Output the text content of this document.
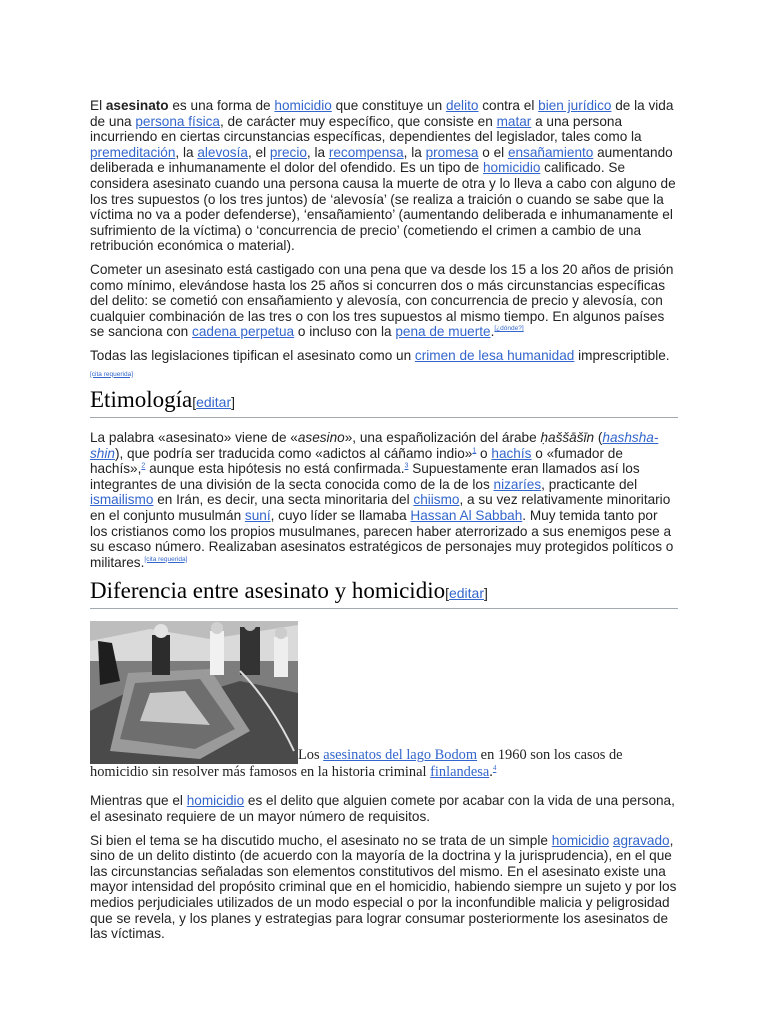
El asesinato es una forma de homicidio que constituye un delito contra el bien jurídico de la vida de una persona física, de carácter muy específico, que consiste en matar a una persona incurriendo en ciertas circunstancias específicas, dependientes del legislador, tales como la premeditación, la alevosía, el precio, la recompensa, la promesa o el ensañamiento aumentando deliberada e inhumanamente el dolor del ofendido. Es un tipo de homicidio calificado. Se considera asesinato cuando una persona causa la muerte de otra y lo lleva a cabo con alguno de los tres supuestos (o los tres juntos) de ‘alevosía’ (se realiza a traición o cuando se sabe que la víctima no va a poder defenderse), ‘ensañamiento’ (aumentando deliberada e inhumanamente el sufrimiento de la víctima) o ‘concurrencia de precio’ (cometiendo el crimen a cambio de una retribución económica o material).

Cometer un asesinato está castigado con una pena que va desde los 15 a los 20 años de prisión como mínimo, elevándose hasta los 25 años si concurren dos o más circunstancias específicas del delito: se cometió con ensañamiento y alevosía, con concurrencia de precio y alevosía, con cualquier combinación de las tres o con los tres supuestos al mismo tiempo. En algunos países se sanciona con cadena perpetua o incluso con la pena de muerte.[¿dónde?]

Todas las legislaciones tipifican el asesinato como un crimen de lesa humanidad imprescriptible.
[cita requerida]

Etimología[editar]

La palabra «asesinato» viene de «asesino», una españolización del árabe ḥaššāšīn (hashsha-shin), que podría ser traducida como «adictos al cáñamo indio»$^1$ o hachís o «fumador de hachís»,$^2$ aunque esta hipótesis no está confirmada.$^3$ Supuestamente eran llamados así los integrantes de una división de la secta conocida como de la de los nizaríes, practicante del ismailismo en Irán, es decir, una secta minoritaria del chiismo, a su vez relativamente minoritario en el conjunto musulmán suní, cuyo líder se llamaba Hassan Al Sabbah. Muy temida tanto por los cristianos como los propios musulmanes, parecen haber aterrorizado a sus enemigos pese a su escaso número. Realizaban asesinatos estratégicos de personajes muy protegidos políticos o militares.[cita requerida]

Diferencia entre asesinato y homicidio[editar]
Los asesinatos del lago Bodom en 1960 son los casos de homicidio sin resolver más famosos en la historia criminal finlandesa.$^4$

Mientras que el homicidio es el delito que alguien comete por acabar con la vida de una persona, el asesinato requiere de un mayor número de requisitos.

Si bien el tema se ha discutido mucho, el asesinato no se trata de un simple homicidio agravado, sino de un delito distinto (de acuerdo con la mayoría de la doctrina y la jurisprudencia), en el que las circunstancias señaladas son elementos constitutivos del mismo. En el asesinato existe una mayor intensidad del propósito criminal que en el homicidio, habiendo siempre un sujeto y por los medios perjudiciales utilizados de un modo especial o por la inconfundible malicia y peligrosidad que se revela, y los planes y estrategias para lograr consumar posteriormente los asesinatos de las víctimas.
